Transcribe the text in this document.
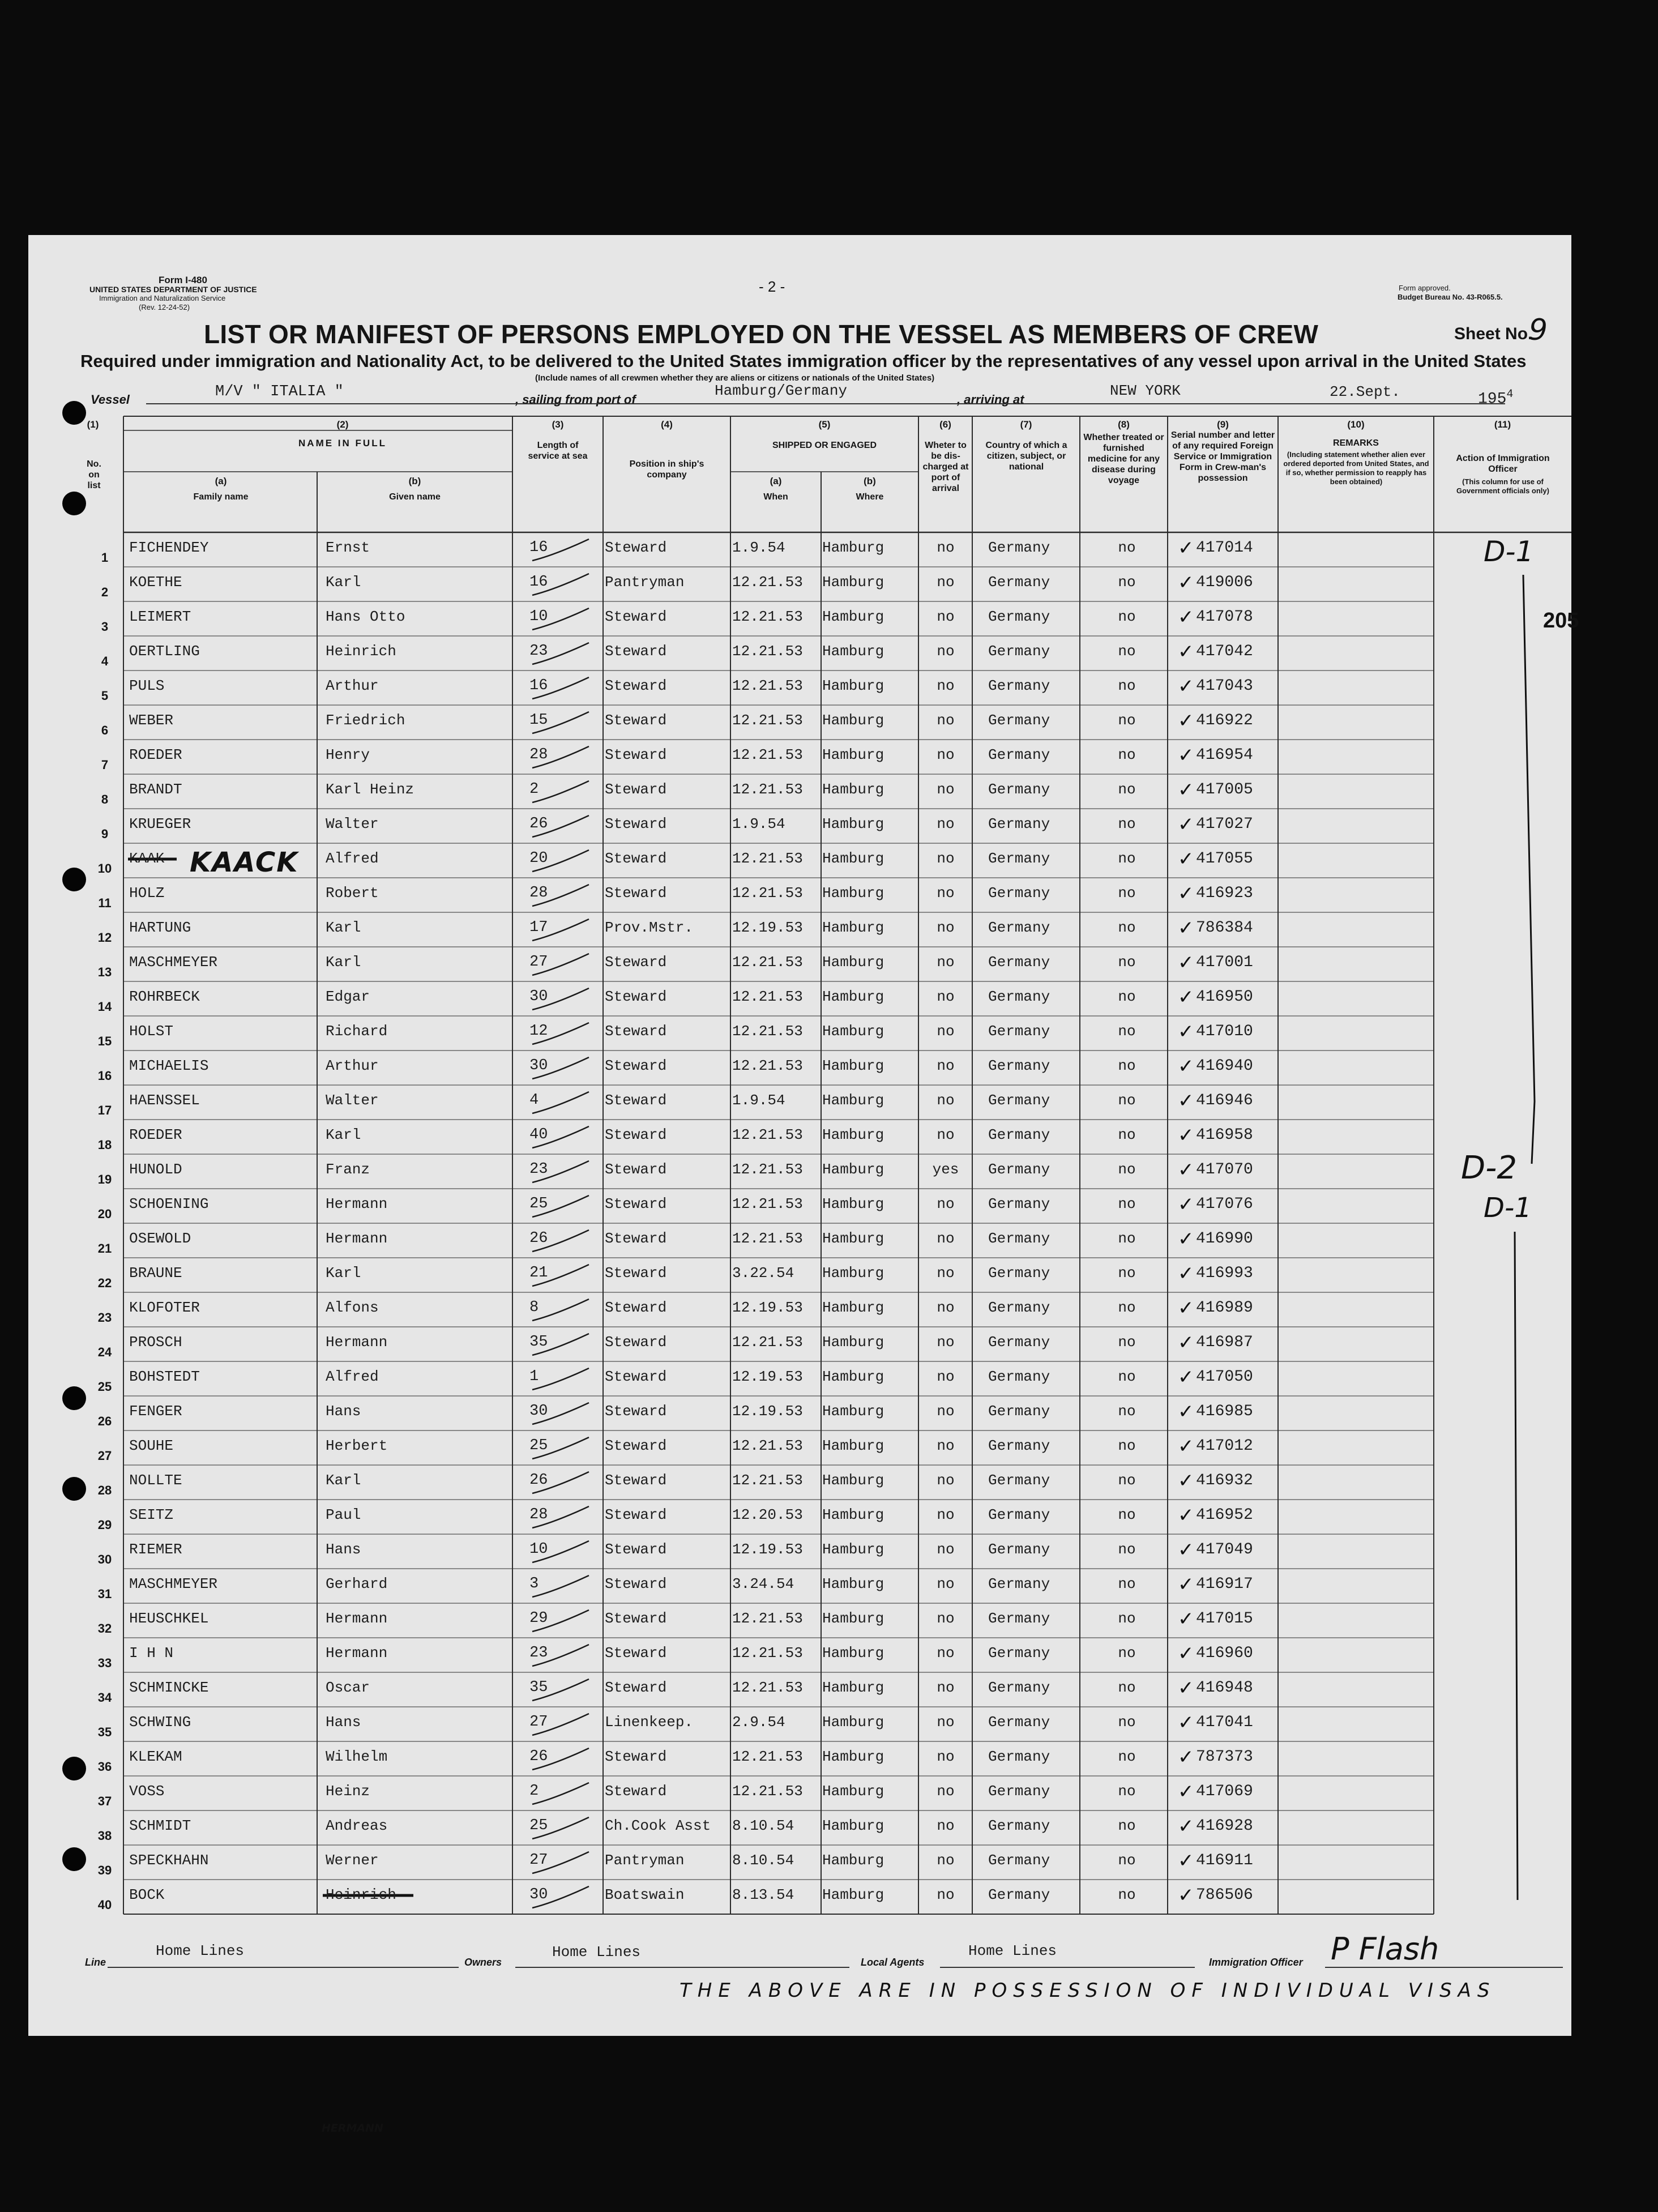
Form I-480
UNITED STATES DEPARTMENT OF JUSTICE
Immigration and Naturalization Service
(Rev. 12-24-52)
- 2 -	Form approved.
Budget Bureau No. 43-R065.5.
LIST OR MANIFEST OF PERSONS EMPLOYED ON THE VESSEL AS MEMBERS OF CREW	Sheet No.
9
Required under immigration and Nationality Act, to be delivered to the United States immigration officer by the representatives of any vessel upon arrival in the United States
(Include names of all crewmen whether they are aliens or citizens or nationals of the United States)
Vessel	M/V " ITALIA "	, sailing from port of
Hamburg/Germany
, arriving at
NEW YORK	22.Sept.	$195^4$
(1)
No. on list
(2)
NAME IN FULL
(a)
Family name
(b)
Given name
(3)
Length of service at sea
(4)
Position in ship's company
(5)
SHIPPED OR ENGAGED
(a)
When
(b)
Where
(6)
Wheter to be dis-charged at port of arrival
(7)
Country of which a citizen, subject, or national
(8)
Whether treated or furnished medicine for any disease during voyage
(9)
Serial number and letter of any required Foreign Service or Immigration Form in Crew-man's possession
(10)
REMARKS
(Including statement whether alien ever ordered deported from United States, and if so, whether permission to reapply has been obtained)
(11)
Action of Immigration Officer
(This column for use of Government officials only)
1
FICHENDEY	Ernst	16	Steward	1.9.54	Hamburg	no	Germany	no	417014
✓
2
KOETHE	Karl	16	Pantryman	12.21.53 Hamburg	no	Germany	no	419006
✓
3
LEIMERT	Hans Otto	10	Steward	12.21.53 Hamburg	no	Germany	no	417078
✓
4
OERTLING	Heinrich	23	Steward	12.21.53 Hamburg	no	Germany	no	417042
✓
5
PULS	Arthur	16	Steward	12.21.53 Hamburg	no	Germany	no	417043
✓
6
WEBER	Friedrich	15	Steward	12.21.53 Hamburg	no	Germany	no	416922
✓
7
ROEDER	Henry	28	Steward	12.21.53 Hamburg	no	Germany	no	416954
✓
8
BRANDT	Karl Heinz	2	Steward	12.21.53 Hamburg	no	Germany	no	417005
✓
9
KRUEGER	Walter	26	Steward	1.9.54	Hamburg	no	Germany	no	417027
✓
10
KAAK	Alfred	20	Steward	12.21.53 Hamburg	no	Germany	no	417055
✓
11
HOLZ	Robert	28	Steward	12.21.53 Hamburg	no	Germany	no	416923
✓
12
HARTUNG	Karl	17	Prov.Mstr.	12.19.53 Hamburg	no	Germany	no	786384
✓
13
MASCHMEYER	Karl	27	Steward	12.21.53 Hamburg	no	Germany	no	417001
✓
14
ROHRBECK	Edgar	30	Steward	12.21.53 Hamburg	no	Germany	no	416950
✓
15
HOLST	Richard	12	Steward	12.21.53 Hamburg	no	Germany	no	417010
✓
16
MICHAELIS	Arthur	30	Steward	12.21.53 Hamburg	no	Germany	no	416940
✓
17
HAENSSEL	Walter	4	Steward	1.9.54	Hamburg	no	Germany	no	416946
✓
18
ROEDER	Karl	40	Steward	12.21.53 Hamburg	no	Germany	no	416958
✓
19
HUNOLD	Franz	23	Steward	12.21.53 Hamburg	yes	Germany	no	417070
✓
20
SCHOENING	Hermann	25	Steward	12.21.53 Hamburg	no	Germany	no	417076
✓
21
OSEWOLD	Hermann	26	Steward	12.21.53 Hamburg	no	Germany	no	416990
✓
22
BRAUNE	Karl	21	Steward	3.22.54 Hamburg	no	Germany	no	416993
✓
23
KLOFOTER	Alfons	8	Steward	12.19.53 Hamburg	no	Germany	no	416989
✓
24
PROSCH	Hermann	35	Steward	12.21.53 Hamburg	no	Germany	no	416987
✓
25
BOHSTEDT	Alfred	1	Steward	12.19.53 Hamburg	no	Germany	no	417050
✓
26
FENGER	Hans	30	Steward	12.19.53 Hamburg	no	Germany	no	416985
✓
27
SOUHE	Herbert	25	Steward	12.21.53 Hamburg	no	Germany	no	417012
✓
28
NOLLTE	Karl	26	Steward	12.21.53 Hamburg	no	Germany	no	416932
✓
29
SEITZ	Paul	28	Steward	12.20.53 Hamburg	no	Germany	no	416952
✓
30
RIEMER	Hans	10	Steward	12.19.53 Hamburg	no	Germany	no	417049
✓
31
MASCHMEYER	Gerhard	3	Steward	3.24.54 Hamburg	no	Germany	no	416917
✓
32
HEUSCHKEL	Hermann	29	Steward	12.21.53 Hamburg	no	Germany	no	417015
✓
33
I H N	Hermann	23	Steward	12.21.53 Hamburg	no	Germany	no	416960
✓
34
SCHMINCKE	Oscar	35	Steward	12.21.53 Hamburg	no	Germany	no	416948
✓
35
SCHWING	Hans	27	Linenkeep.	2.9.54	Hamburg	no	Germany	no	417041
✓
36
KLEKAM	Wilhelm	26	Steward	12.21.53 Hamburg	no	Germany	no	787373
✓
37
VOSS	Heinz	2	Steward	12.21.53 Hamburg	no	Germany	no	417069
✓
38
SCHMIDT	Andreas	25	Ch.Cook Asst 8.10.54 Hamburg	no	Germany	no	416928
✓
39
SPECKHAHN	Werner	27	Pantryman	8.10.54 Hamburg	no	Germany	no	416911
✓
40
BOCK	Heinrich	30	Boatswain	8.13.54 Hamburg	no	Germany	no	786506
✓
KAACK
HERMANN
D-1
D-2
D-1
205
THE ABOVE ARE IN POSSESSION OF INDIVIDUAL VISAS
Line
Home Lines
Owners
Home Lines
Local Agents
Home Lines
Immigration Officer P Flash
